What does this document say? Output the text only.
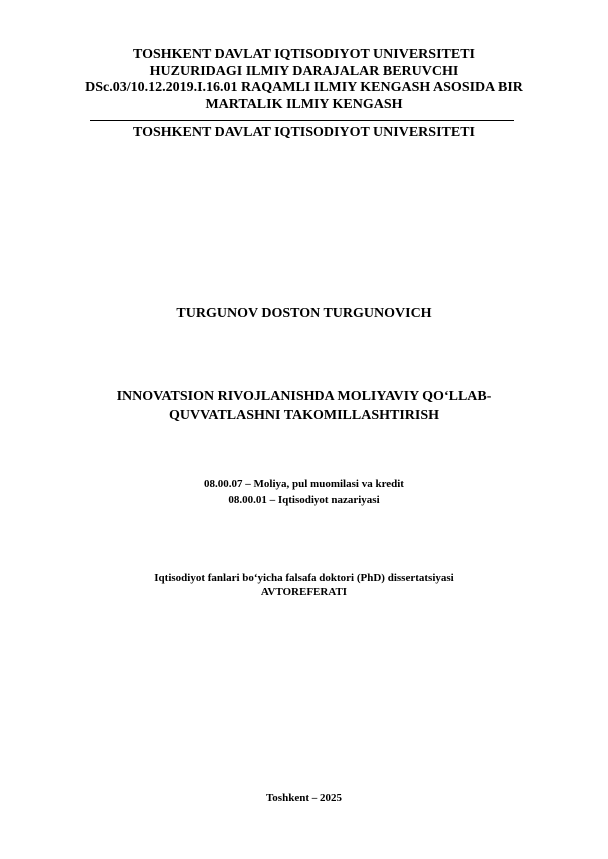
TOSHKENT DAVLAT IQTISODIYOT UNIVERSITETI
HUZURIDAGI ILMIY DARAJALAR BERUVCHI
DSc.03/10.12.2019.I.16.01 RAQAMLI ILMIY KENGASH ASOSIDA BIR
MARTALIK ILMIY KENGASH
TOSHKENT DAVLAT IQTISODIYOT UNIVERSITETI
TURGUNOV DOSTON TURGUNOVICH
INNOVATSION RIVOJLANISHDA MOLIYAVIY QO‘LLAB-
QUVVATLASHNI TAKOMILLASHTIRISH
08.00.07 – Moliya, pul muomilasi va kredit
08.00.01 – Iqtisodiyot nazariyasi
Iqtisodiyot fanlari bo‘yicha falsafa doktori (PhD) dissertatsiyasi
AVTOREFERATI
Toshkent – 2025
